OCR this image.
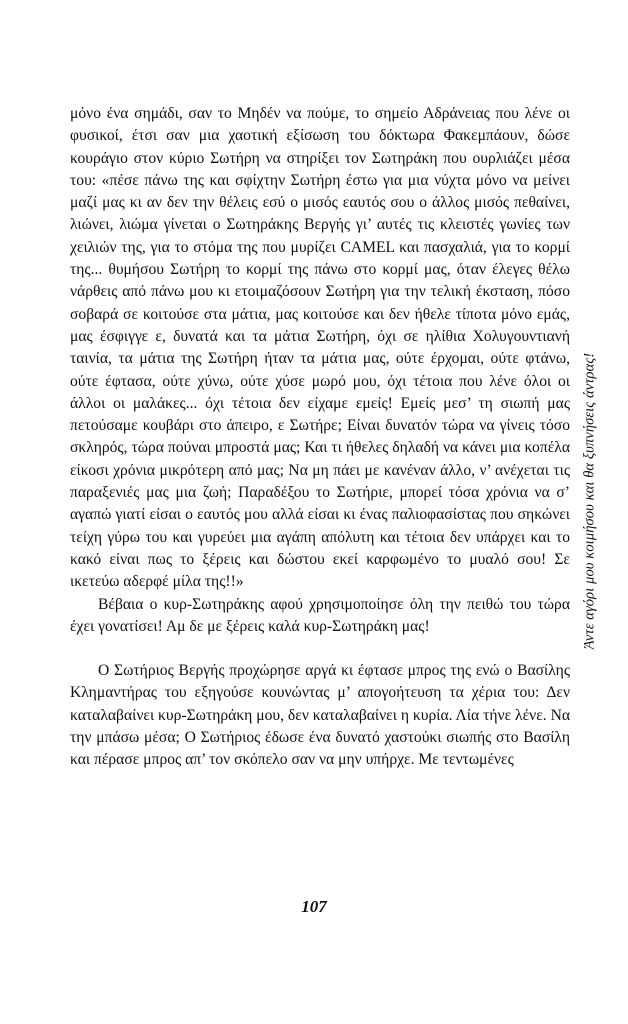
μόνο ένα σημάδι, σαν το Μηδέν να πούμε, το σημείο Αδράνειας που λένε οι φυσικοί, έτσι σαν μια χαοτική εξίσωση του δόκτωρα Φακεμπάουν, δώσε κουράγιο στον κύριο Σωτήρη να στηρίξει τον Σωτηράκη που ουρλιάζει μέσα του: «πέσε πάνω της και σφίχτην Σωτήρη έστω για μια νύχτα μόνο να μείνει μαζί μας κι αν δεν την θέλεις εσύ ο μισός εαυτός σου ο άλλος μισός πεθαίνει, λιώνει, λιώμα γίνεται ο Σωτηράκης Βεργής γι’ αυτές τις κλειστές γωνίες των χειλιών της, για το στόμα της που μυρίζει CAMEL και πασχαλιά, για το κορμί της... θυμήσου Σωτήρη το κορμί της πάνω στο κορμί μας, όταν έλεγες θέλω νάρθεις από πάνω μου κι ετοιμαζόσουν Σωτήρη για την τελική έκσταση, πόσο σοβαρά σε κοιτούσε στα μάτια, μας κοιτούσε και δεν ήθελε τίποτα μόνο εμάς, μας έσφιγγε ε, δυνατά και τα μάτια Σωτήρη, όχι σε ηλίθια Χολυγουντιανή ταινία, τα μάτια της Σωτήρη ήταν τα μάτια μας, ούτε έρχομαι, ούτε φτάνω, ούτε έφτασα, ούτε χύνω, ούτε χύσε μωρό μου, όχι τέτοια που λένε όλοι οι άλλοι οι μαλάκες... όχι τέτοια δεν είχαμε εμείς! Εμείς μεσ’ τη σιωπή μας πετούσαμε κουβάρι στο άπειρο, ε Σωτήρε; Είναι δυνατόν τώρα να γίνεις τόσο σκληρός, τώρα πούναι μπροστά μας; Και τι ήθελες δηλαδή να κάνει μια κοπέλα είκοσι χρόνια μικρότερη από μας; Να μη πάει με κανέναν άλλο, ν’ ανέχεται τις παραξενιές μας μια ζωή; Παραδέξου το Σωτήριε, μπορεί τόσα χρόνια να σ’ αγαπώ γιατί είσαι ο εαυτός μου αλλά είσαι κι ένας παλιοφασίστας που σηκώνει τείχη γύρω του και γυρεύει μια αγάπη απόλυτη και τέτοια δεν υπάρχει και το κακό είναι πως το ξέρεις και δώστου εκεί καρφωμένο το μυαλό σου! Σε ικετεύω αδερφέ μίλα της!!»

Βέβαια ο κυρ-Σωτηράκης αφού χρησιμοποίησε όλη την πειθώ του τώρα έχει γονατίσει! Αμ δε με ξέρεις καλά κυρ-Σωτηράκη μας!

Ο Σωτήριος Βεργής προχώρησε αργά κι έφτασε μπρος της ενώ ο Βασίλης Κλημαντήρας του εξηγούσε κουνώντας μ’ απογοήτευση τα χέρια του: Δεν καταλαβαίνει κυρ-Σωτηράκη μου, δεν καταλαβαίνει η κυρία. Λία τήνε λένε. Να την μπάσω μέσα; Ο Σωτήριος έδωσε ένα δυνατό χαστούκι σιωπής στο Βασίλη και πέρασε μπρος απ’ τον σκόπελο σαν να μην υπήρχε. Με τεντωμένες

Άντε αγόρι μου κοιμήσου και θα ξυπνήσεις άντρας!
107
